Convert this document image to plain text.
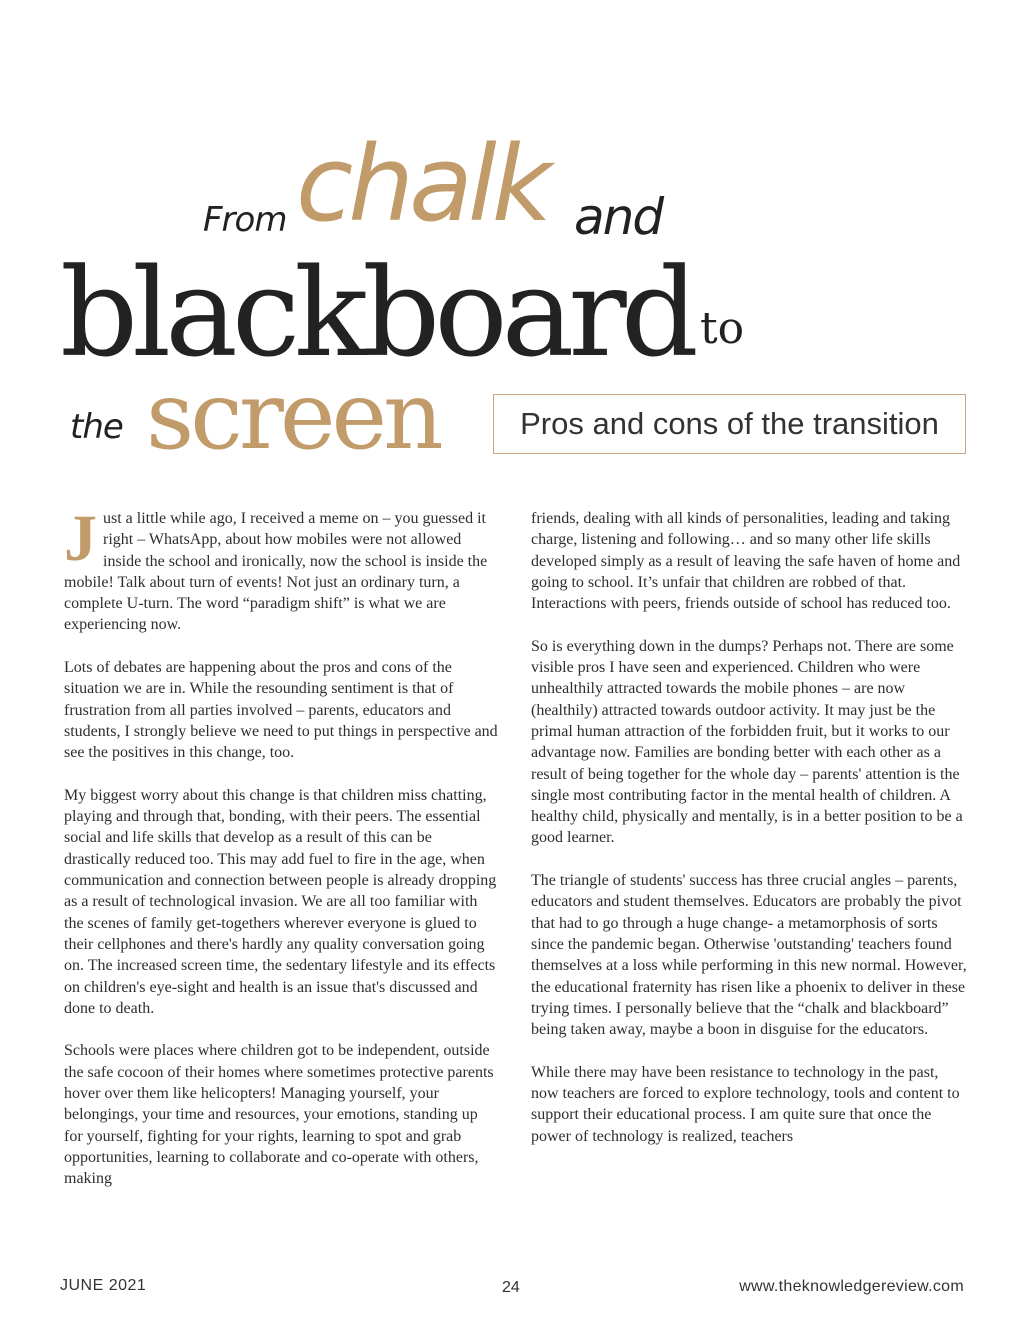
From chalk and
blackboard to
the screen	Pros and cons of the transition

Just a little while ago, I received a meme on – you guessed it right – WhatsApp, about how mobiles were not allowed inside the school and ironically, now the school is inside the mobile! Talk about turn of events! Not just an ordinary turn, a complete U-turn. The word “paradigm shift” is what we are experiencing now.

Lots of debates are happening about the pros and cons of the situation we are in. While the resounding sentiment is that of frustration from all parties involved – parents, educators and students, I strongly believe we need to put things in perspective and see the positives in this change, too.

My biggest worry about this change is that children miss chatting, playing and through that, bonding, with their peers. The essential social and life skills that develop as a result of this can be drastically reduced too. This may add fuel to fire in the age, when communication and connection between people is already dropping as a result of technological invasion. We are all too familiar with the scenes of family get-togethers wherever everyone is glued to their cellphones and there's hardly any quality conversation going on. The increased screen time, the sedentary lifestyle and its effects on children's eye-sight and health is an issue that's discussed and done to death.

Schools were places where children got to be independent, outside the safe cocoon of their homes where sometimes protective parents hover over them like helicopters! Managing yourself, your belongings, your time and resources, your emotions, standing up for yourself, fighting for your rights, learning to spot and grab opportunities, learning to collaborate and co-operate with others, making

friends, dealing with all kinds of personalities, leading and taking charge, listening and following… and so many other life skills developed simply as a result of leaving the safe haven of home and going to school. It’s unfair that children are robbed of that. Interactions with peers, friends outside of school has reduced too.

So is everything down in the dumps? Perhaps not. There are some visible pros I have seen and experienced. Children who were unhealthily attracted towards the mobile phones – are now (healthily) attracted towards outdoor activity. It may just be the primal human attraction of the forbidden fruit, but it works to our advantage now. Families are bonding better with each other as a result of being together for the whole day – parents' attention is the single most contributing factor in the mental health of children. A healthy child, physically and mentally, is in a better position to be a good learner.

The triangle of students' success has three crucial angles – parents, educators and student themselves. Educators are probably the pivot that had to go through a huge change- a metamorphosis of sorts since the pandemic began. Otherwise 'outstanding' teachers found themselves at a loss while performing in this new normal. However, the educational fraternity has risen like a phoenix to deliver in these trying times. I personally believe that the “chalk and blackboard” being taken away, maybe a boon in disguise for the educators.

While there may have been resistance to technology in the past, now teachers are forced to explore technology, tools and content to support their educational process. I am quite sure that once the power of technology is realized, teachers

JUNE 2021	24	www.theknowledgereview.com
